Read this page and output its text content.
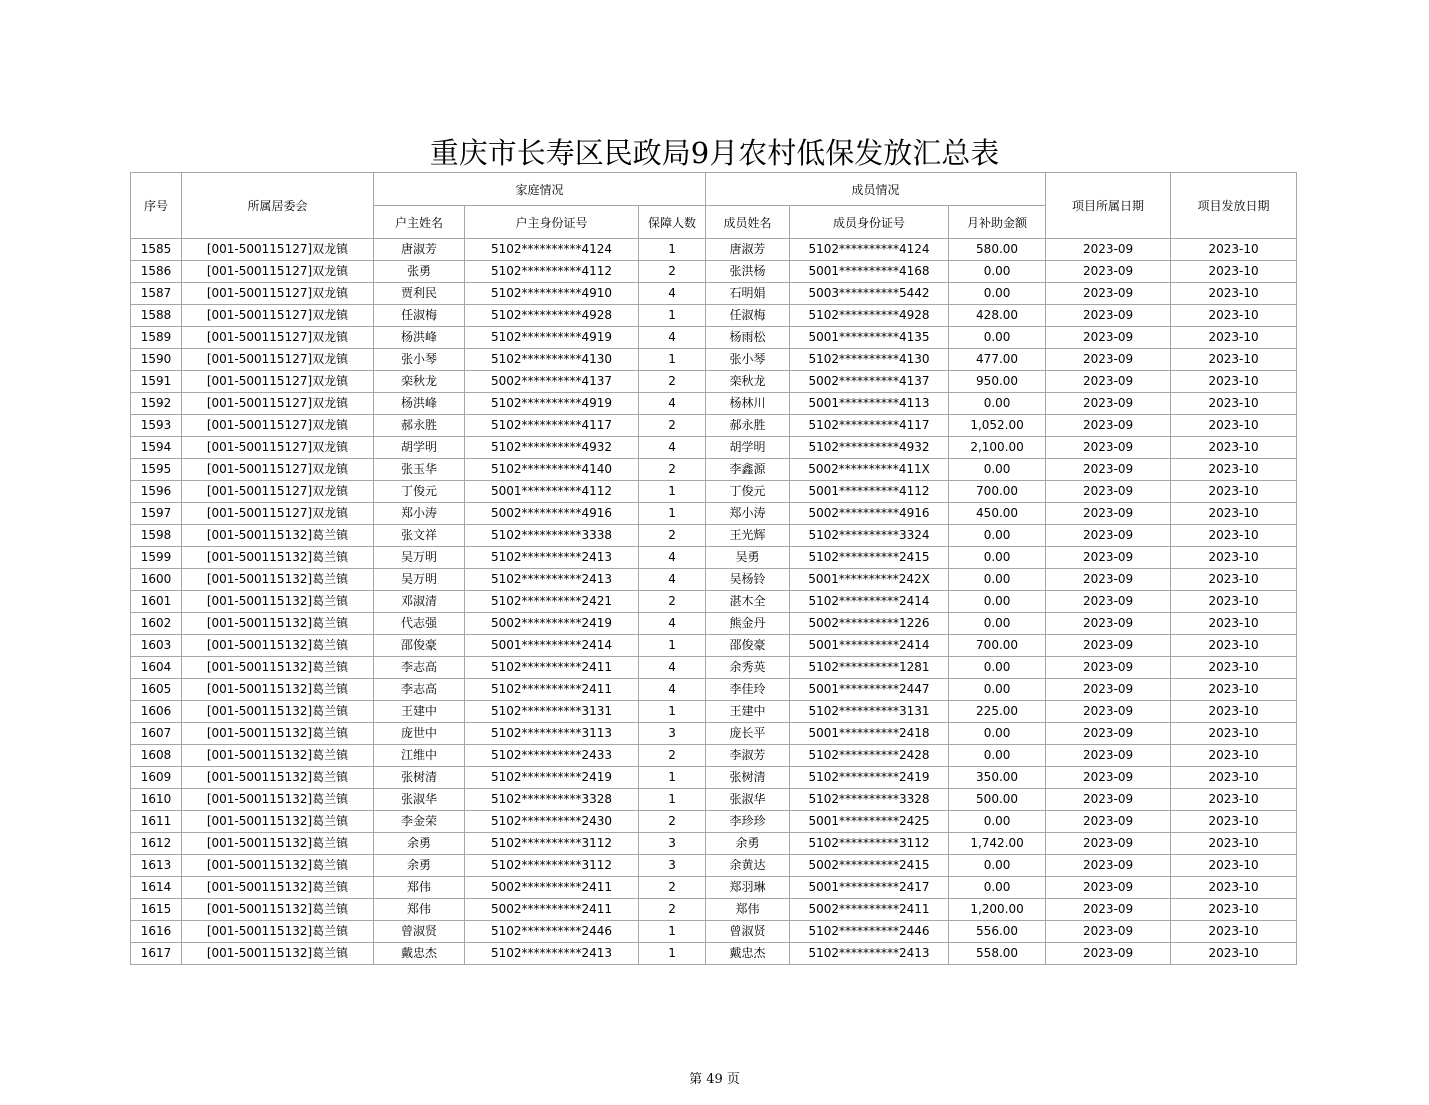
重庆市长寿区民政局9月农村低保发放汇总表
序号	所属居委会	家庭情况			成员情况			项目所属日期	项目发放日期
		户主姓名	户主身份证号	保障人数	成员姓名	成员身份证号	月补助金额		
1585	[001-500115127]双龙镇	唐淑芳	5102**********4124	1	唐淑芳	5102**********4124	580.00	2023-09	2023-10
1586	[001-500115127]双龙镇	张勇	5102**********4112	2	张洪杨	5001**********4168	0.00	2023-09	2023-10
1587	[001-500115127]双龙镇	贾利民	5102**********4910	4	石明娟	5003**********5442	0.00	2023-09	2023-10
1588	[001-500115127]双龙镇	任淑梅	5102**********4928	1	任淑梅	5102**********4928	428.00	2023-09	2023-10
1589	[001-500115127]双龙镇	杨洪峰	5102**********4919	4	杨雨松	5001**********4135	0.00	2023-09	2023-10
1590	[001-500115127]双龙镇	张小琴	5102**********4130	1	张小琴	5102**********4130	477.00	2023-09	2023-10
1591	[001-500115127]双龙镇	栾秋龙	5002**********4137	2	栾秋龙	5002**********4137	950.00	2023-09	2023-10
1592	[001-500115127]双龙镇	杨洪峰	5102**********4919	4	杨林川	5001**********4113	0.00	2023-09	2023-10
1593	[001-500115127]双龙镇	郝永胜	5102**********4117	2	郝永胜	5102**********4117	1,052.00	2023-09	2023-10
1594	[001-500115127]双龙镇	胡学明	5102**********4932	4	胡学明	5102**********4932	2,100.00	2023-09	2023-10
1595	[001-500115127]双龙镇	张玉华	5102**********4140	2	李鑫源	5002**********411X	0.00	2023-09	2023-10
1596	[001-500115127]双龙镇	丁俊元	5001**********4112	1	丁俊元	5001**********4112	700.00	2023-09	2023-10
1597	[001-500115127]双龙镇	郑小涛	5002**********4916	1	郑小涛	5002**********4916	450.00	2023-09	2023-10
1598	[001-500115132]葛兰镇	张文祥	5102**********3338	2	王光辉	5102**********3324	0.00	2023-09	2023-10
1599	[001-500115132]葛兰镇	吴万明	5102**********2413	4	吴勇	5102**********2415	0.00	2023-09	2023-10
1600	[001-500115132]葛兰镇	吴万明	5102**********2413	4	吴杨铃	5001**********242X	0.00	2023-09	2023-10
1601	[001-500115132]葛兰镇	邓淑清	5102**********2421	2	湛木全	5102**********2414	0.00	2023-09	2023-10
1602	[001-500115132]葛兰镇	代志强	5002**********2419	4	熊金丹	5002**********1226	0.00	2023-09	2023-10
1603	[001-500115132]葛兰镇	邵俊豪	5001**********2414	1	邵俊豪	5001**********2414	700.00	2023-09	2023-10
1604	[001-500115132]葛兰镇	李志高	5102**********2411	4	余秀英	5102**********1281	0.00	2023-09	2023-10
1605	[001-500115132]葛兰镇	李志高	5102**********2411	4	李佳玲	5001**********2447	0.00	2023-09	2023-10
1606	[001-500115132]葛兰镇	王建中	5102**********3131	1	王建中	5102**********3131	225.00	2023-09	2023-10
1607	[001-500115132]葛兰镇	庞世中	5102**********3113	3	庞长平	5001**********2418	0.00	2023-09	2023-10
1608	[001-500115132]葛兰镇	江维中	5102**********2433	2	李淑芳	5102**********2428	0.00	2023-09	2023-10
1609	[001-500115132]葛兰镇	张树清	5102**********2419	1	张树清	5102**********2419	350.00	2023-09	2023-10
1610	[001-500115132]葛兰镇	张淑华	5102**********3328	1	张淑华	5102**********3328	500.00	2023-09	2023-10
1611	[001-500115132]葛兰镇	李金荣	5102**********2430	2	李珍珍	5001**********2425	0.00	2023-09	2023-10
1612	[001-500115132]葛兰镇	余勇	5102**********3112	3	余勇	5102**********3112	1,742.00	2023-09	2023-10
1613	[001-500115132]葛兰镇	余勇	5102**********3112	3	余黄达	5002**********2415	0.00	2023-09	2023-10
1614	[001-500115132]葛兰镇	郑伟	5002**********2411	2	郑羽琳	5001**********2417	0.00	2023-09	2023-10
1615	[001-500115132]葛兰镇	郑伟	5002**********2411	2	郑伟	5002**********2411	1,200.00	2023-09	2023-10
1616	[001-500115132]葛兰镇	曾淑贤	5102**********2446	1	曾淑贤	5102**********2446	556.00	2023-09	2023-10
1617	[001-500115132]葛兰镇	戴忠杰	5102**********2413	1	戴忠杰	5102**********2413	558.00	2023-09	2023-10
第 49 页
